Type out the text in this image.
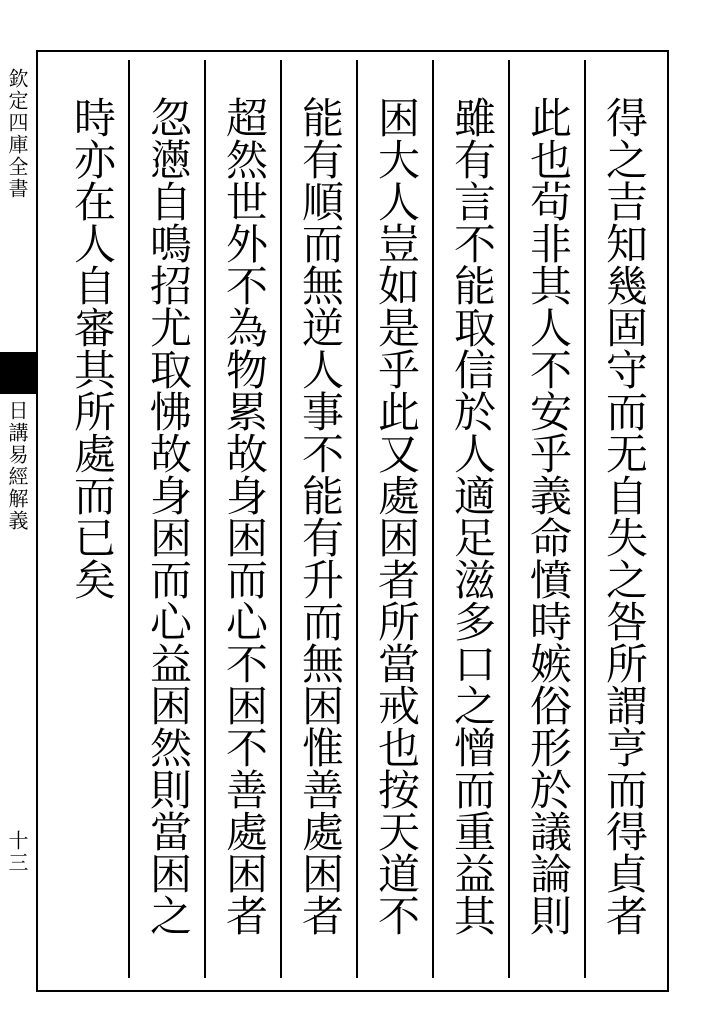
欽定四庫全書
日講易經解義
十三	得之吉知幾固守而无自失之咎所謂亨而得貞者
此也茍非其人不安乎義命憤時嫉俗形於議論則
雖有言不能取信於人適足滋多口之憎而重益其
困大人豈如是乎此又處困者所當戒也按天道不
能有順而無逆人事不能有升而無困惟善處困者
超然世外不為物累故身困而心不困不善處困者
忽懣自鳴招尤取怫故身困而心益困然則當困之
時亦在人自審其所處而已矣
